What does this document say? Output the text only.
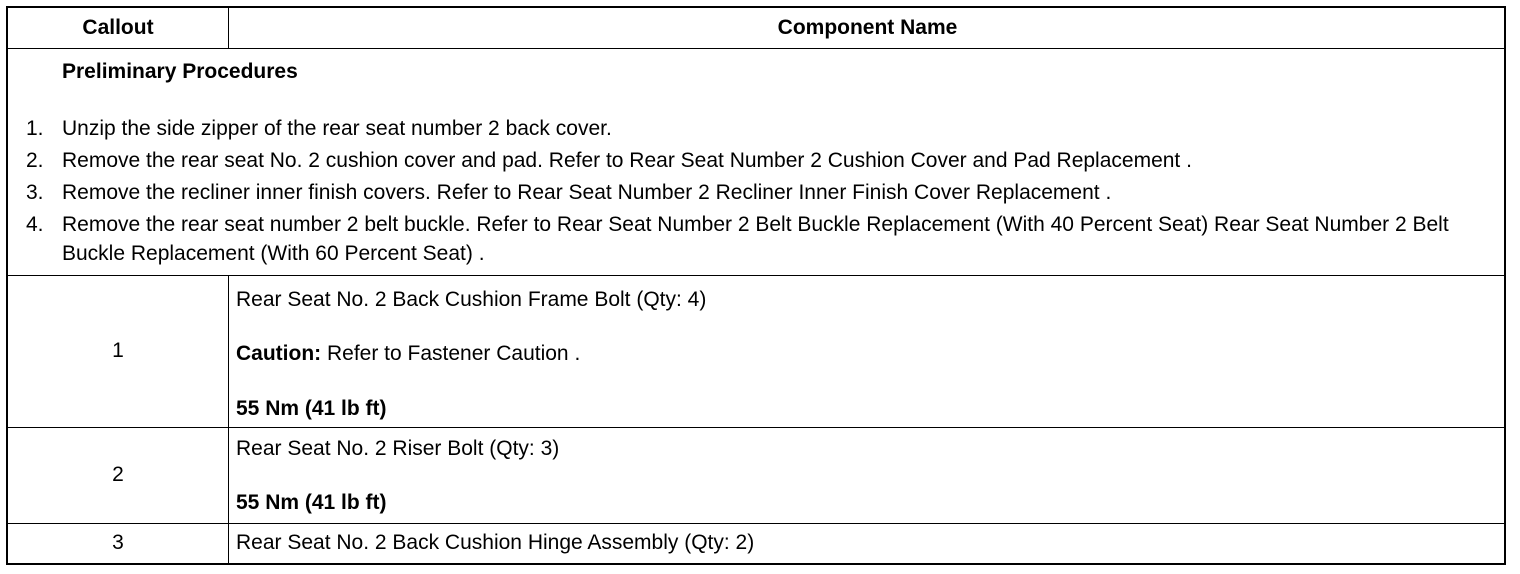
Callout	Component Name
Preliminary Procedures
1. Unzip the side zipper of the rear seat number 2 back cover.
2. Remove the rear seat No. 2 cushion cover and pad. Refer to Rear Seat Number 2 Cushion Cover and Pad Replacement .
3. Remove the recliner inner finish covers. Refer to Rear Seat Number 2 Recliner Inner Finish Cover Replacement .
4. Remove the rear seat number 2 belt buckle. Refer to Rear Seat Number 2 Belt Buckle Replacement (With 40 Percent Seat) Rear Seat Number 2 Belt Buckle Replacement (With 60 Percent Seat) .
1
Rear Seat No. 2 Back Cushion Frame Bolt (Qty: 4)
Caution: Refer to Fastener Caution .
55 Nm (41 lb ft)
2
Rear Seat No. 2 Riser Bolt (Qty: 3)
55 Nm (41 lb ft)
3	Rear Seat No. 2 Back Cushion Hinge Assembly (Qty: 2)
